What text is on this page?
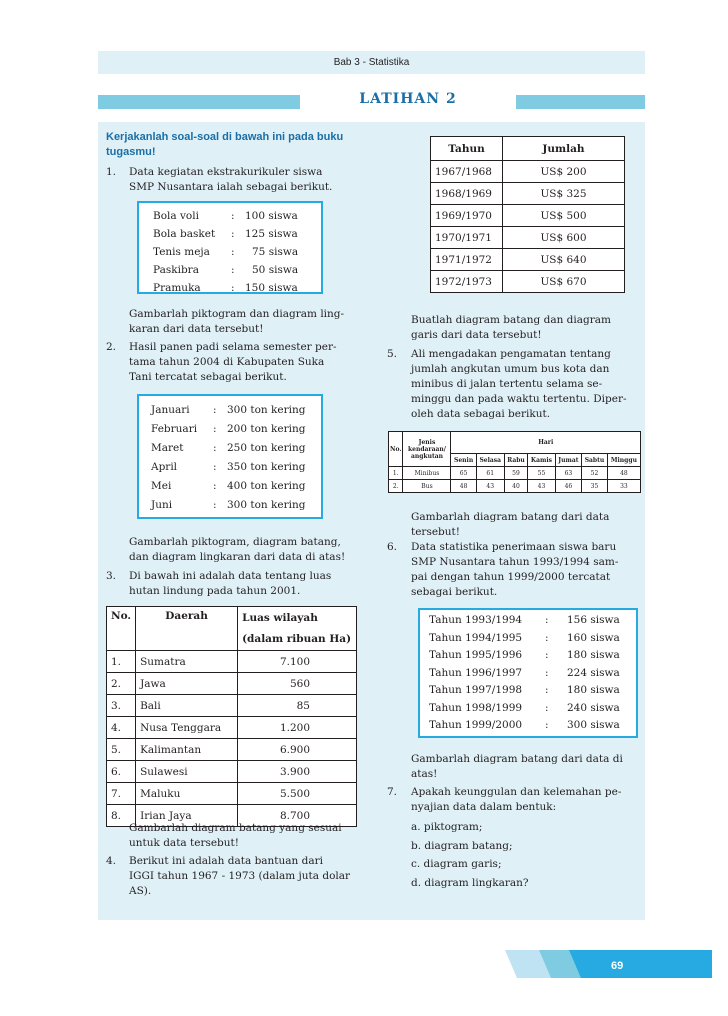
Bab 3 - Statistika
LATIHAN 2
Kerjakanlah soal-soal di bawah ini pada buku tugasmu!
1. Data kegiatan ekstrakurikuler siswa
SMP Nusantara ialah sebagai berikut.
Bola voli	: 100 siswa
Bola basket : 125 siswa
Tenis meja : 75 siswa
Paskibra	: 50 siswa
Pramuka	: 150 siswa
Gambarlah piktogram dan diagram ling-
karan dari data tersebut!
2. Hasil panen padi selama semester per-
tama tahun 2004 di Kabupaten Suka
Tani tercatat sebagai berikut.
Januari : 300 ton kering
Februari : 200 ton kering
Maret	: 250 ton kering
April	: 350 ton kering
Mei	: 400 ton kering
Juni	: 300 ton kering
Gambarlah piktogram, diagram batang,
dan diagram lingkaran dari data di atas!
3. Di bawah ini adalah data tentang luas
hutan lindung pada tahun 2001.
No.	Daerah	Luas wilayah
		(dalam ribuan Ha)
1.	Sumatra	7.100
2.	Jawa	560
3.	Bali	85
4.	Nusa Tenggara	1.200
5.	Kalimantan	6.900
6.	Sulawesi	3.900
7.	Maluku	5.500
8.	Irian Jaya	8.700
Gambarlah diagram batang yang sesuai
untuk data tersebut!
4. Berikut ini adalah data bantuan dari
IGGI tahun 1967 - 1973 (dalam juta dolar
AS).
Tahun	Jumlah
1967/1968	US$ 200
1968/1969	US$ 325
1969/1970	US$ 500
1970/1971	US$ 600
1971/1972	US$ 640
1972/1973	US$ 670
Buatlah diagram batang dan diagram
garis dari data tersebut!
5. Ali mengadakan pengamatan tentang
jumlah angkutan umum bus kota dan
minibus di jalan tertentu selama se-
minggu dan pada waktu tertentu. Diper-
oleh data sebagai berikut.
No.	Jenis
kendaraan/
angkutan	Hari						
		Senin	Selasa	Rabu	Kamis	Jumat	Sabtu	Minggu
1.	Minibus	65	61	59	55	63	52	48
2.	Bus	48	43	40	43	46	35	33
Gambarlah diagram batang dari data
tersebut!
6. Data statistika penerimaan siswa baru
SMP Nusantara tahun 1993/1994 sam-
pai dengan tahun 1999/2000 tercatat
sebagai berikut.
Tahun 1993/1994 : 156 siswa
Tahun 1994/1995 : 160 siswa
Tahun 1995/1996 : 180 siswa
Tahun 1996/1997 : 224 siswa
Tahun 1997/1998 : 180 siswa
Tahun 1998/1999 : 240 siswa
Tahun 1999/2000 : 300 siswa
Gambarlah diagram batang dari data di
atas!
7. Apakah keunggulan dan kelemahan pe-
nyajian data dalam bentuk:
a. piktogram;
b. diagram batang;
c. diagram garis;
d. diagram lingkaran?
69
